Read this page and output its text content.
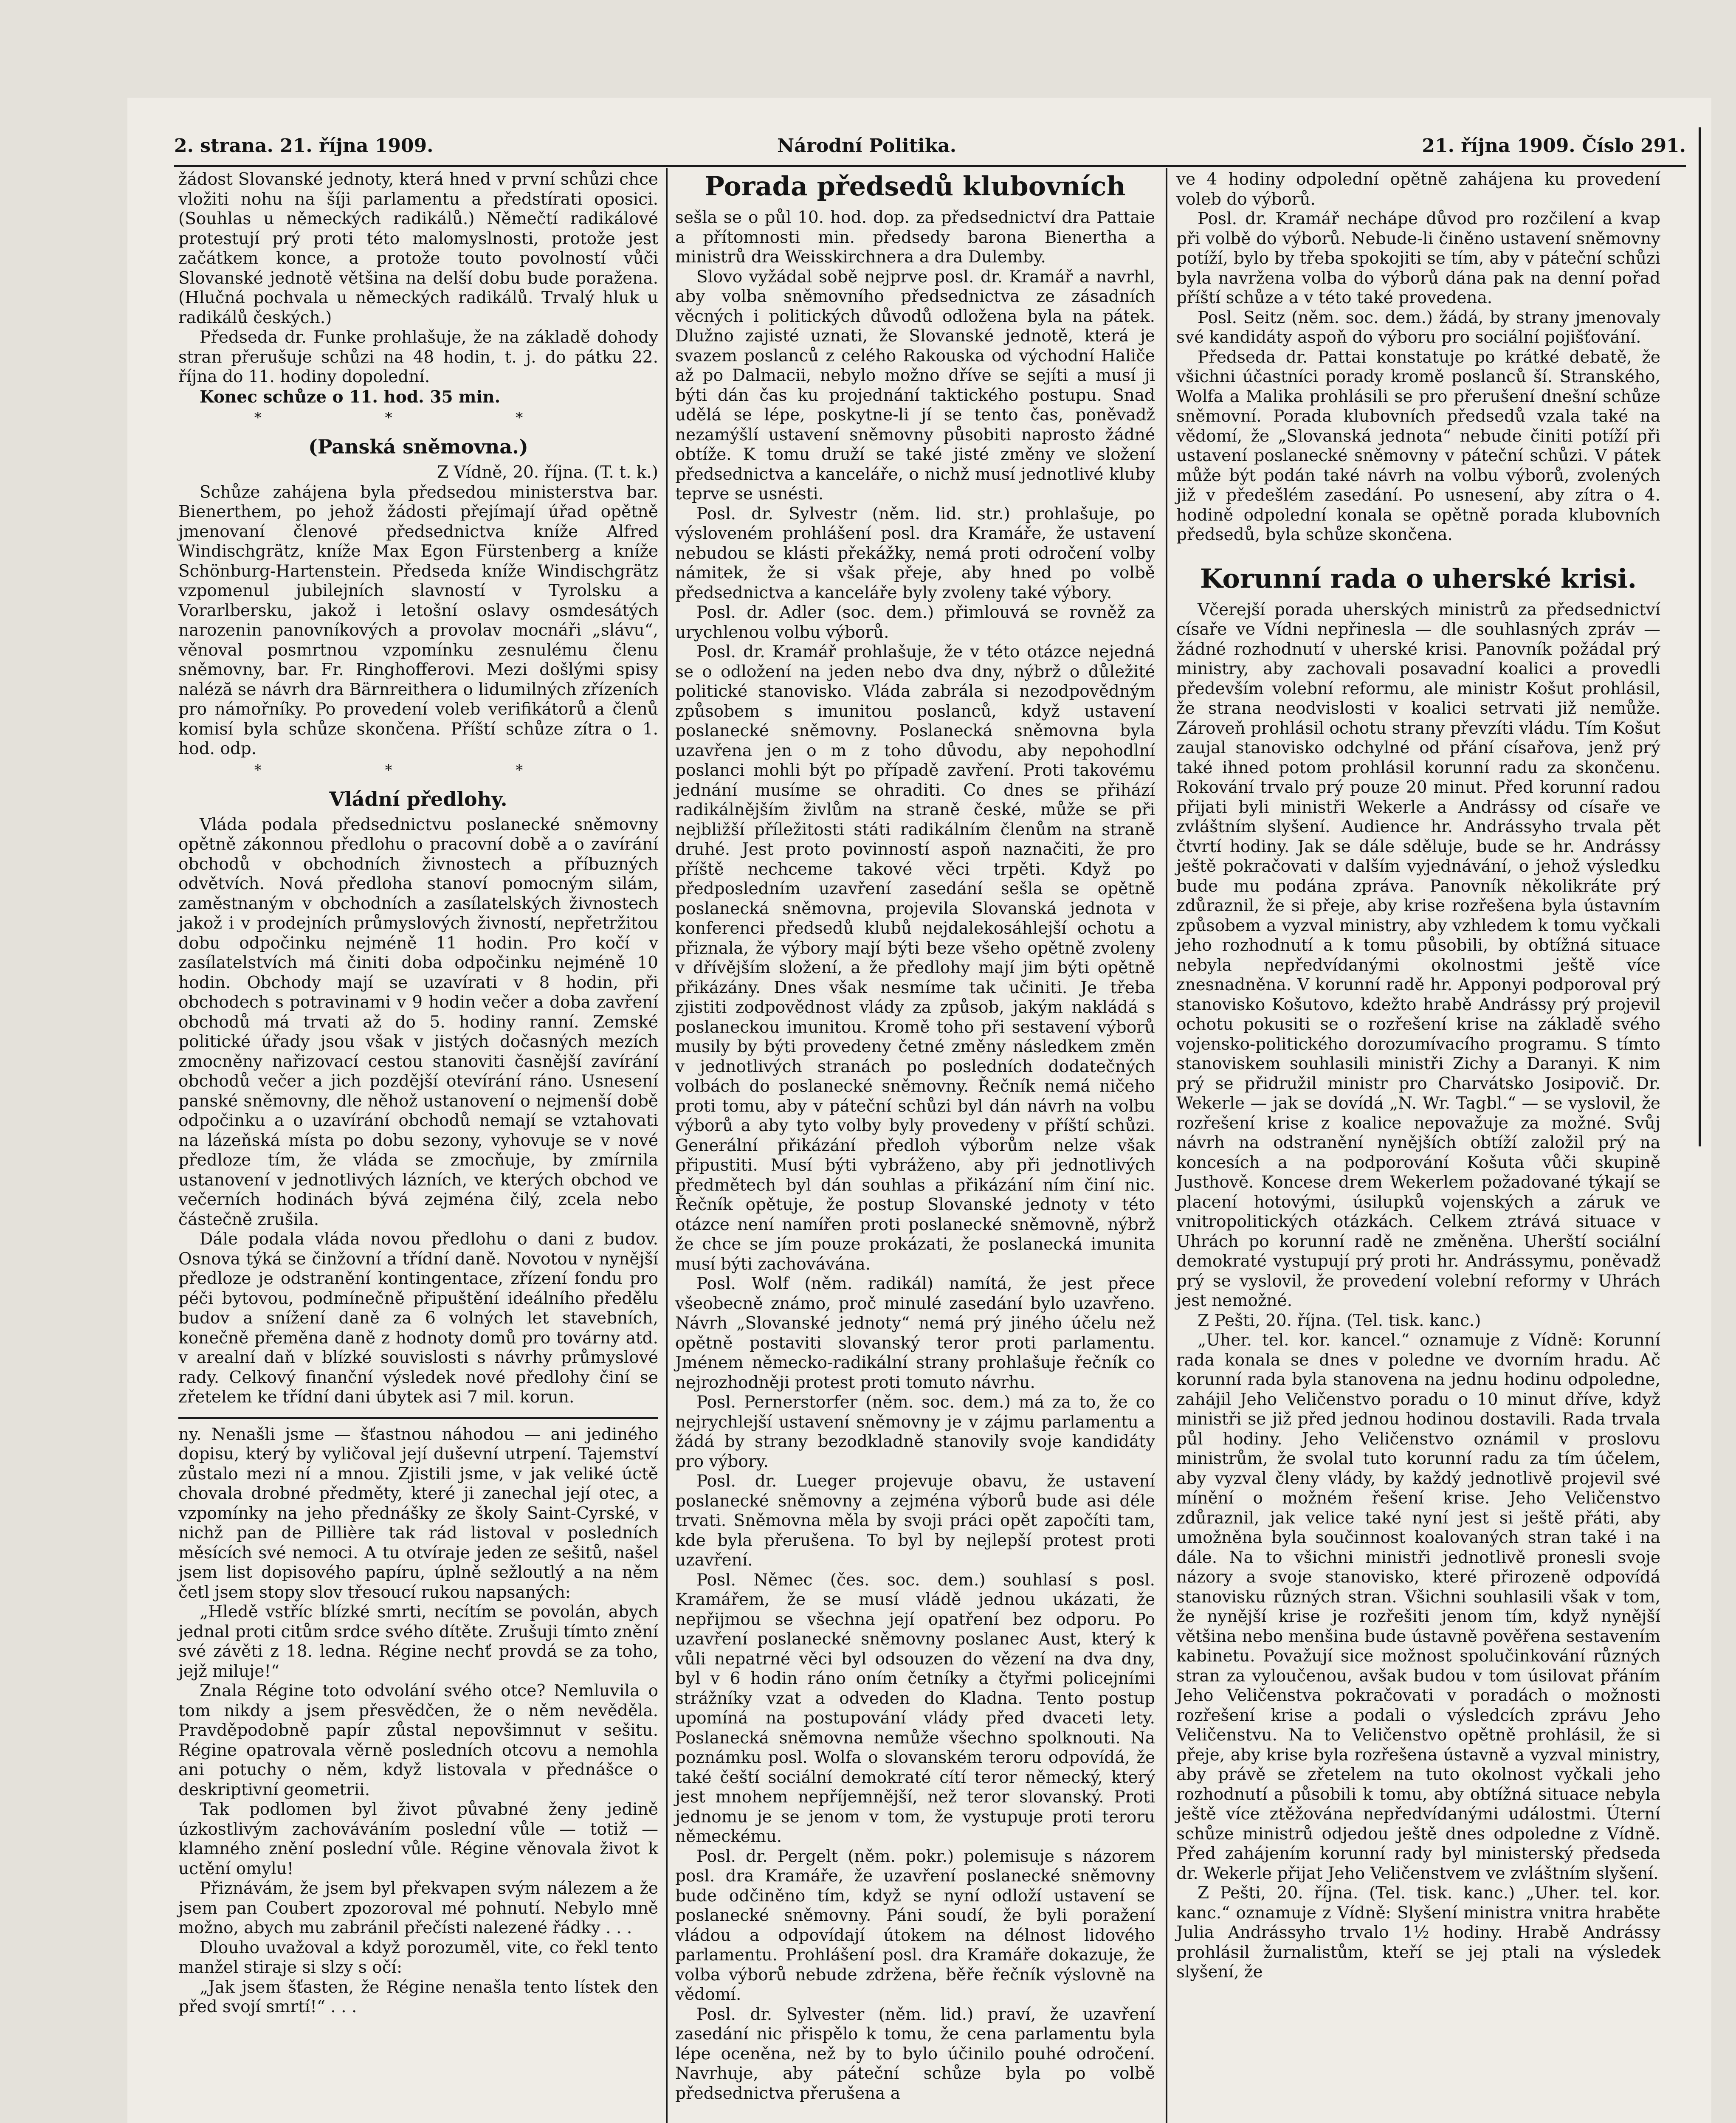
2. strana. 21. října 1909.	Národní Politika.	21. října 1909. Číslo 291.

žádost Slovanské jednoty, která hned v první schůzi chce vložiti nohu na šíji parlamentu a předstírati oposici. (Souhlas u německých radikálů.) Němečtí radikálové protestují prý proti této malomyslnosti, protože jest začátkem konce, a protože touto povolností vůči Slovanské jednotě většina na delší dobu bude poražena. (Hlučná pochvala u německých radikálů. Trvalý hluk u radikálů českých.)

Předseda dr. Funke prohlašuje, že na základě dohody stran přerušuje schůzi na 48 hodin, t. j. do pátku 22. října do 11. hodiny dopolední.

Konec schůze o 11. hod. 35 min.

* * *
(Panská sněmovna.)

Z Vídně, 20. října. (T. t. k.)

Schůze zahájena byla předsedou ministerstva bar. Bienerthem, po jehož žádosti přejímají úřad opětně jmenovaní členové předsednictva kníže Alfred Windischgrätz, kníže Max Egon Fürstenberg a kníže Schönburg-Hartenstein. Předseda kníže Windischgrätz vzpomenul jubilejních slavností v Tyrolsku a Vorarlbersku, jakož i letošní oslavy osmdesátých narozenin panovníkových a provolav mocnáři „slávu“, věnoval posmrtnou vzpomínku zesnulému členu sněmovny, bar. Fr. Ringhofferovi. Mezi došlými spisy naléză se návrh dra Bärnreithera o lidumilných zřízeních pro námořníky. Po provedení voleb verifikátorů a členů komisí byla schůze skončena. Příští schůze zítra o 1. hod. odp.

* * *
Vládní předlohy.

Vláda podala předsednictvu poslanecké sněmovny opětně zákonnou předlohu o pracovní době a o zavírání obchodů v obchodních živnostech a příbuzných odvětvích. Nová předloha stanoví pomocným silám, zaměstnaným v obchodních a zasílatelských živnostech jakož i v prodejních průmyslových živností, nepřetržitou dobu odpočinku nejméně 11 hodin. Pro kočí v zasílatelstvích má činiti doba odpočinku nejméně 10 hodin. Obchody mají se uzavírati v 8 hodin, při obchodech s potravinami v 9 hodin večer a doba zavření obchodů má trvati až do 5. hodiny ranní. Zemské politické úřady jsou však v jistých dočasných mezích zmocněny nařizovací cestou stanoviti časnější zavírání obchodů večer a jich pozdější otevírání ráno. Usnesení panské sněmovny, dle něhož ustanovení o nejmenší době odpočinku a o uzavírání obchodů nemají se vztahovati na lázeňská místa po dobu sezony, vyhovuje se v nové předloze tím, že vláda se zmocňuje, by zmírnila ustanovení v jednotlivých lázních, ve kterých obchod ve večerních hodinách bývá zejména čilý, zcela nebo částečně zrušila.

Dále podala vláda novou předlohu o dani z budov. Osnova týká se činžovní a třídní daně. Novotou v nynější předloze je odstranění kontingentace, zřízení fondu pro péči bytovou, podmínečně připuštění ideálního předělu budov a snížení daně za 6 volných let stavebních, konečně přeměna daně z hodnoty domů pro továrny atd. v arealní daň v blízké souvislosti s návrhy průmyslové rady. Celkový finanční výsledek nové předlohy činí se zřetelem ke třídní dani úbytek asi 7 mil. korun.

ny. Nenašli jsme — šťastnou náhodou — ani jediného dopisu, který by vyličoval její duševní utrpení. Tajemství zůstalo mezi ní a mnou. Zjistili jsme, v jak veliké úctě chovala drobné předměty, které ji zanechal její otec, a vzpomínky na jeho přednášky ze školy Saint-Cyrské, v nichž pan de Pillière tak rád listoval v posledních měsících své nemoci. A tu otvíraje jeden ze sešitů, našel jsem list dopisového papíru, úplně sežloutlý a na něm četl jsem stopy slov třesoucí rukou napsaných:

„Hledě vstříc blízké smrti, necítím se povolán, abych jednal proti citům srdce svého dítěte. Zrušuji tímto znění své závěti z 18. ledna. Régine nechť provdá se za toho, jejž miluje!“

Znala Régine toto odvolání svého otce? Nemluvila o tom nikdy a jsem přesvědčen, že o něm nevěděla. Pravděpodobně papír zůstal nepovšimnut v sešitu. Régine opatrovala věrně posledních otcovu a nemohla ani potuchy o něm, když listovala v přednášce o deskriptivní geometrii.

Tak podlomen byl život půvabné ženy jedině úzkostlivým zachováváním poslední vůle — totiž — klamného znění poslední vůle. Régine věnovala život k uctění omylu!

Přiznávám, že jsem byl překvapen svým nálezem a že jsem pan Coubert zpozoroval mé pohnutí. Nebylo mně možno, abych mu zabránil přečísti nalezené řádky . . .

Dlouho uvažoval a když porozuměl, vite, co řekl tento manžel stiraje si slzy s očí:

„Jak jsem šťasten, že Régine nenašla tento lístek den před svojí smrtí!“ . . .

Porada předsedů klubovních

sešla se o půl 10. hod. dop. za předsednictví dra Pattaie a přítomnosti min. předsedy barona Bienertha a ministrů dra Weisskirchnera a dra Dulemby.

Slovo vyžádal sobě nejprve posl. dr. Kramář a navrhl, aby volba sněmovního předsednictva ze zásadních věcných i politických důvodů odložena byla na pátek. Dlužno zajisté uznati, že Slovanské jednotě, která je svazem poslanců z celého Rakouska od východní Haliče až po Dalmacii, nebylo možno dříve se sejíti a musí ji býti dán čas ku projednání taktického postupu. Snad udělá se lépe, poskytne-li jí se tento čas, poněvadž nezamýšlí ustavení sněmovny působiti naprosto žádné obtíže. K tomu druží se také jisté změny ve složení předsednictva a kanceláře, o nichž musí jednotlivé kluby teprve se usnésti.

Posl. dr. Sylvestr (něm. lid. str.) prohlašuje, po výsloveném prohlášení posl. dra Kramáře, že ustavení nebudou se klásti překážky, nemá proti odročení volby námitek, že si však přeje, aby hned po volbě předsednictva a kanceláře byly zvoleny také výbory.

Posl. dr. Adler (soc. dem.) přimlouvá se rovněž za urychlenou volbu výborů.

Posl. dr. Kramář prohlašuje, že v této otázce nejedná se o odložení na jeden nebo dva dny, nýbrž o důležité politické stanovisko. Vláda zabrála si nezodpovědným způsobem s imunitou poslanců, když ustavení poslanecké sněmovny. Poslanecká sněmovna byla uzavřena jen o m z toho důvodu, aby nepohodlní poslanci mohli být po případě zavření. Proti takovému jednání musíme se ohraditi. Co dnes se přihází radikálnějším živlům na straně české, může se při nejbližší příležitosti státi radikálním členům na straně druhé. Jest proto povinností aspoň naznačiti, že pro příště nechceme takové věci trpěti. Když po předposledním uzavření zasedání sešla se opětně poslanecká sněmovna, projevila Slovanská jednota v konferenci předsedů klubů nejdalekosáhlejší ochotu a přiznala, že výbory mají býti beze všeho opětně zvoleny v dřívějším složení, a že předlohy mají jim býti opětně přikázány. Dnes však nesmíme tak učiniti. Je třeba zjistiti zodpovědnost vlády za způsob, jakým nakládá s poslaneckou imunitou. Kromě toho při sestavení výborů musily by býti provedeny četné změny následkem změn v jednotlivých stranách po posledních dodatečných volbách do poslanecké sněmovny. Řečník nemá ničeho proti tomu, aby v páteční schůzi byl dán návrh na volbu výborů a aby tyto volby byly provedeny v příští schůzi. Generální přikázání předloh výborům nelze však připustiti. Musí býti vybráženo, aby při jednotlivých předmětech byl dán souhlas a přikázání ním činí nic. Řečník opětuje, že postup Slovanské jednoty v této otázce není namířen proti poslanecké sněmovně, nýbrž že chce se jím pouze prokázati, že poslanecká imunita musí býti zachovávána.

Posl. Wolf (něm. radikál) namítá, že jest přece všeobecně známo, proč minulé zasedání bylo uzavřeno. Návrh „Slovanské jednoty“ nemá prý jiného účelu než opětně postaviti slovanský teror proti parlamentu. Jménem německo-radikální strany prohlašuje řečník co nejrozhodněji protest proti tomuto návrhu.

Posl. Pernerstorfer (něm. soc. dem.) má za to, že co nejrychlejší ustavení sněmovny je v zájmu parlamentu a žádá by strany bezodkladně stanovily svoje kandidáty pro výbory.

Posl. dr. Lueger projevuje obavu, že ustavení poslanecké sněmovny a zejména výborů bude asi déle trvati. Sněmovna měla by svoji práci opět započíti tam, kde byla přerušena. To byl by nejlepší protest proti uzavření.

Posl. Němec (čes. soc. dem.) souhlasí s posl. Kramářem, že se musí vládě jednou ukázati, že nepřijmou se všechna její opatření bez odporu. Po uzavření poslanecké sněmovny poslanec Aust, který k vůli nepatrné věci byl odsouzen do vězení na dva dny, byl v 6 hodin ráno oním četníky a čtyřmi policejními strážníky vzat a odveden do Kladna. Tento postup upomíná na postupování vlády před dvaceti lety. Poslanecká sněmovna nemůže všechno spolknouti. Na poznámku posl. Wolfa o slovanském teroru odpovídá, že také čeští sociální demokraté cítí teror německý, který jest mnohem nepříjemnější, než teror slovanský. Proti jednomu je se jenom v tom, že vystupuje proti teroru německému.

Posl. dr. Pergelt (něm. pokr.) polemisuje s názorem posl. dra Kramáře, že uzavření poslanecké sněmovny bude odčiněno tím, když se nyní odloží ustavení se poslanecké sněmovny. Páni soudí, že byli poražení vládou a odpovídají útokem na délnost lidového parlamentu. Prohlášení posl. dra Kramáře dokazuje, že volba výborů nebude zdržena, běře řečník výslovně na vědomí.

Posl. dr. Sylvester (něm. lid.) praví, že uzavření zasedání nic přispělo k tomu, že cena parlamentu byla lépe oceněna, než by to bylo účinilo pouhé odročení. Navrhuje, aby páteční schůze byla po volbě předsednictva přerušena a

ve 4 hodiny odpolední opětně zahájena ku provedení voleb do výborů.

Posl. dr. Kramář nechápe důvod pro rozčilení a kvap při volbě do výborů. Nebude-li činěno ustavení sněmovny potíží, bylo by třeba spokojiti se tím, aby v páteční schůzi byla navržena volba do výborů dána pak na denní pořad příští schůze a v této také provedena.

Posl. Seitz (něm. soc. dem.) žádá, by strany jmenovaly své kandidáty aspoň do výboru pro sociální pojišťování.

Předseda dr. Pattai konstatuje po krátké debatě, že všichni účastníci porady kromě poslanců ší. Stranského, Wolfa a Malika prohlásili se pro přerušení dnešní schůze sněmovní. Porada klubovních předsedů vzala také na vědomí, že „Slovanská jednota“ nebude činiti potíží při ustavení poslanecké sněmovny v páteční schůzi. V pátek může být podán také návrh na volbu výborů, zvolených již v předešlém zasedání. Po usnesení, aby zítra o 4. hodině odpolední konala se opětně porada klubovních předsedů, byla schůze skončena.

Korunní rada o uherské krisi.

Včerejší porada uherských ministrů za předsednictví císaře ve Vídni nepřinesla — dle souhlasných zpráv — žádné rozhodnutí v uherské krisi. Panovník požádal prý ministry, aby zachovali posavadní koalici a provedli především volební reformu, ale ministr Košut prohlásil, že strana neodvislosti v koalici setrvati již nemůže. Zároveň prohlásil ochotu strany převzíti vládu. Tím Košut zaujal stanovisko odchylné od přání císařova, jenž prý také ihned potom prohlásil korunní radu za skončenu. Rokování trvalo prý pouze 20 minut. Před korunní radou přijati byli ministři Wekerle a Andrássy od císaře ve zvláštním slyšení. Audience hr. Andrássyho trvala pět čtvrtí hodiny. Jak se dále sděluje, bude se hr. Andrássy ještě pokračovati v dalším vyjednávání, o jehož výsledku bude mu podána zpráva. Panovník několikráte prý zdůraznil, že si přeje, aby krise rozřešena byla ústavním způsobem a vyzval ministry, aby vzhledem k tomu vyčkali jeho rozhodnutí a k tomu působili, by obtížná situace nebyla nepředvídanými okolnostmi ještě více znesnadněna. V korunní radě hr. Apponyi podporoval prý stanovisko Košutovo, kdežto hrabě Andrássy prý projevil ochotu pokusiti se o rozřešení krise na základě svého vojensko-politického dorozumívacího programu. S tímto stanoviskem souhlasili ministři Zichy a Daranyi. K nim prý se přidružil ministr pro Charvátsko Josipovič. Dr. Wekerle — jak se dovídá „N. Wr. Tagbl.“ — se vyslovil, že rozřešení krise z koalice nepovažuje za možné. Svůj návrh na odstranění nynějších obtíží založil prý na koncesích a na podporování Košuta vůči skupině Justhově. Koncese drem Wekerlem požadované týkají se placení hotovými, úsilupků vojenských a záruk ve vnitropolitických otázkách. Celkem ztrává situace v Uhrách po korunní radě ne změněna. Uherští sociální demokraté vystupují prý proti hr. Andrássymu, poněvadž prý se vyslovil, že provedení volební reformy v Uhrách jest nemožné.

Z Pešti, 20. října. (Tel. tisk. kanc.)

„Uher. tel. kor. kancel.“ oznamuje z Vídně: Korunní rada konala se dnes v poledne ve dvorním hradu. Ač korunní rada byla stanovena na jednu hodinu odpoledne, zahájil Jeho Veličenstvo poradu o 10 minut dříve, když ministři se již před jednou hodinou dostavili. Rada trvala půl hodiny. Jeho Veličenstvo oznámil v proslovu ministrům, že svolal tuto korunní radu za tím účelem, aby vyzval členy vlády, by každý jednotlivě projevil své mínění o možném řešení krise. Jeho Veličenstvo zdůraznil, jak velice také nyní jest si ještě přáti, aby umožněna byla součinnost koalovaných stran také i na dále. Na to všichni ministři jednotlivě pronesli svoje názory a svoje stanovisko, které přirozeně odpovídá stanovisku různých stran. Všichni souhlasili však v tom, že nynější krise je rozřešiti jenom tím, když nynější většina nebo menšina bude ústavně pověřena sestavením kabinetu. Považují sice možnost spolučinkování různých stran za vyloučenou, avšak budou v tom úsilovat přáním Jeho Veličenstva pokračovati v poradách o možnosti rozřešení krise a podali o výsledcích zprávu Jeho Veličenstvu. Na to Veličenstvo opětně prohlásil, že si přeje, aby krise byla rozřešena ústavně a vyzval ministry, aby právě se zřetelem na tuto okolnost vyčkali jeho rozhodnutí a působili k tomu, aby obtížná situace nebyla ještě více ztěžována nepředvídanými událostmi. Úterní schůze ministrů odjedou ještě dnes odpoledne z Vídně. Před zahájením korunní rady byl ministerský předseda dr. Wekerle přijat Jeho Veličenstvem ve zvláštním slyšení.

Z Pešti, 20. října. (Tel. tisk. kanc.) „Uher. tel. kor. kanc.“ oznamuje z Vídně: Slyšení ministra vnitra hraběte Julia Andrássyho trvalo 1½ hodiny. Hrabě Andrássy prohlásil žurnalistům, kteří se jej ptali na výsledek slyšení, že
